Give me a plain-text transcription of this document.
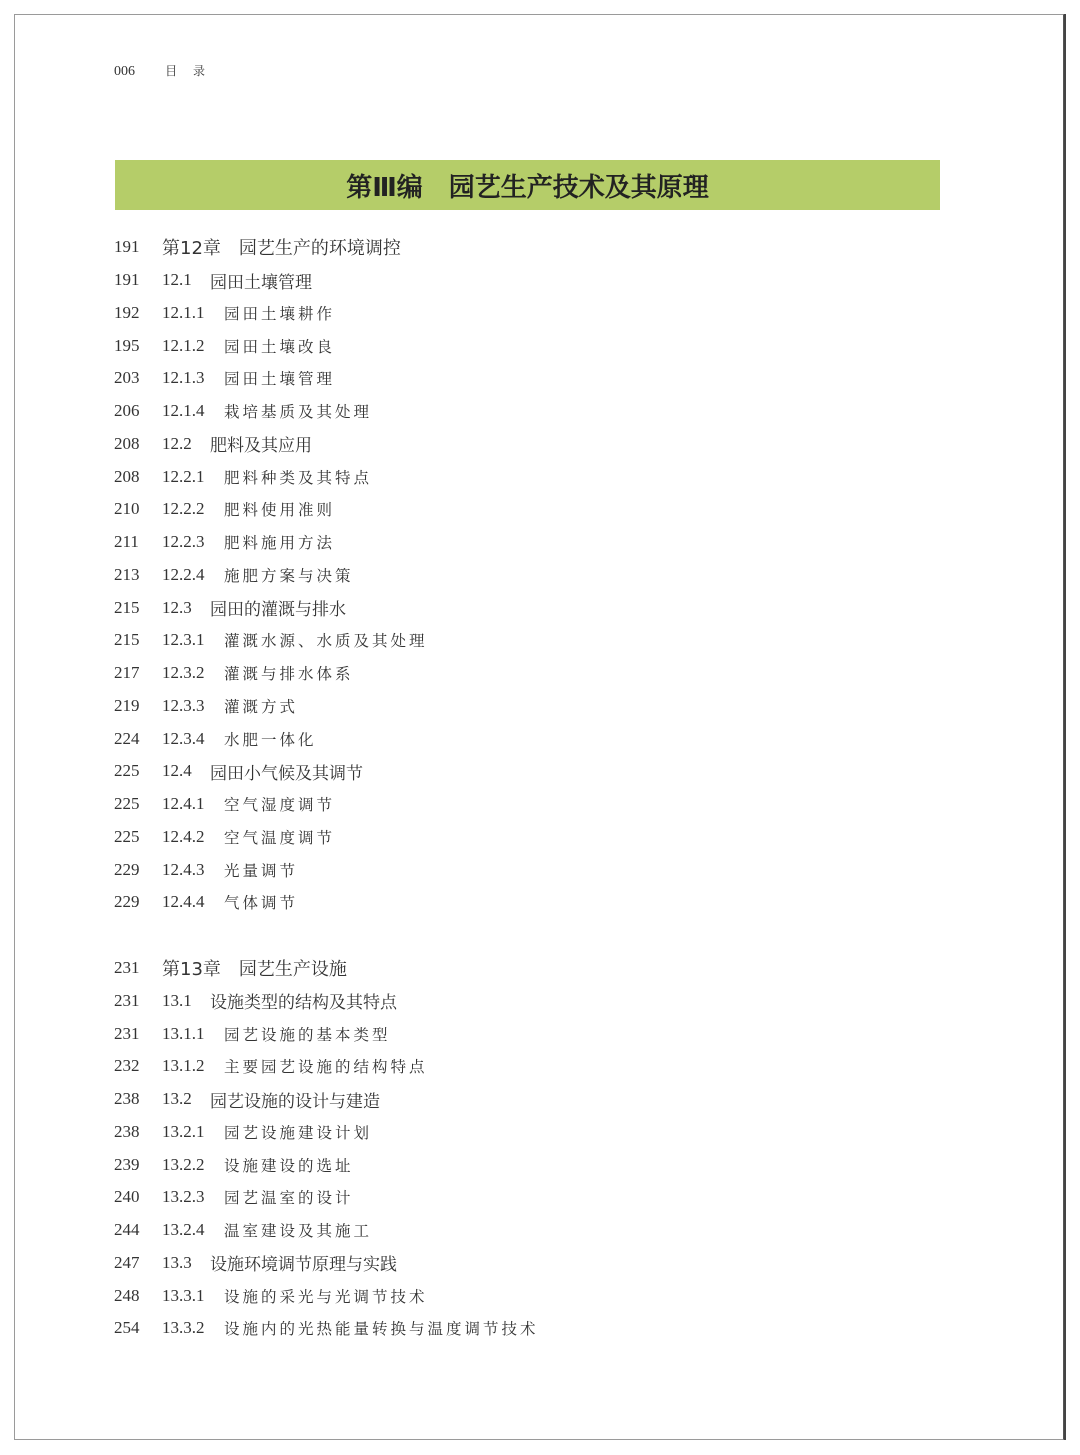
006	目 录
第Ⅲ编　园艺生产技术及其原理
191	第12章 园艺生产的环境调控
191	12.1	园田土壤管理
192	12.1.1	园田土壤耕作
195	12.1.2	园田土壤改良
203	12.1.3	园田土壤管理
206	12.1.4	栽培基质及其处理
208	12.2	肥料及其应用
208	12.2.1	肥料种类及其特点
210	12.2.2	肥料使用准则
211	12.2.3	肥料施用方法
213	12.2.4	施肥方案与决策
215	12.3	园田的灌溉与排水
215	12.3.1	灌溉水源、水质及其处理
217	12.3.2	灌溉与排水体系
219	12.3.3	灌溉方式
224	12.3.4	水肥一体化
225	12.4	园田小气候及其调节
225	12.4.1	空气湿度调节
225	12.4.2	空气温度调节
229	12.4.3	光量调节
229	12.4.4	气体调节
231	第13章 园艺生产设施
231	13.1	设施类型的结构及其特点
231	13.1.1	园艺设施的基本类型
232	13.1.2	主要园艺设施的结构特点
238	13.2	园艺设施的设计与建造
238	13.2.1	园艺设施建设计划
239	13.2.2	设施建设的选址
240	13.2.3	园艺温室的设计
244	13.2.4	温室建设及其施工
247	13.3	设施环境调节原理与实践
248	13.3.1	设施的采光与光调节技术
254	13.3.2	设施内的光热能量转换与温度调节技术
